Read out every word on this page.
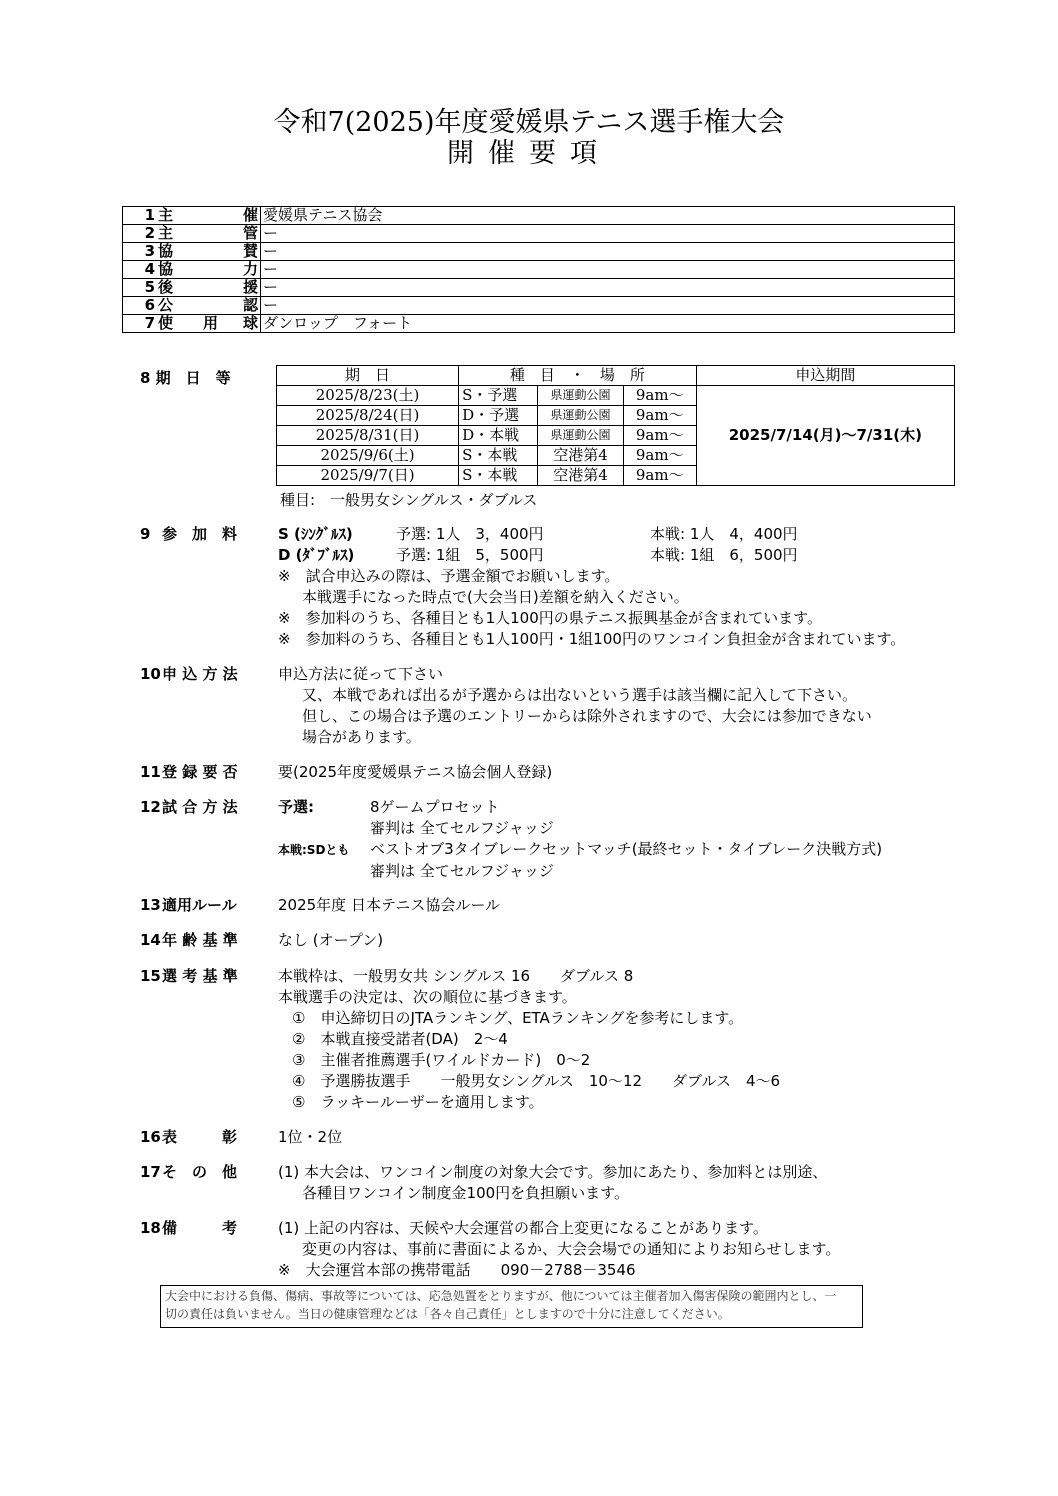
令和7(2025)年度愛媛県テニス選手権大会
開催要項
1	主 催	愛媛県テニス協会
2	主 管	ー
3	協 賛	ー
4	協 力	ー
5	後 援	ー
6	公 認	ー
7	使　　用 球	ダンロップ　フォート
8 期　日　等	期　日	種　目　・　場　所			申込期間
2025/8/23(土)	S・予選	県運動公園	9am～	2025/7/14(月)～7/31(木)
2025/8/24(日)	D・予選	県運動公園	9am～	
2025/8/31(日)	D・本戦	県運動公園	9am～	
2025/9/6(土)	S・本戦	空港第4	9am～	
2025/9/7(日)	S・本戦	空港第4	9am～	
種目:　一般男女シングルス・ダブルス
9 参　加　料	S (ｼﾝｸﾞﾙｽ)	予選: 1人　3，400円	本戦: 1人　4，400円
D (ﾀﾞﾌﾞﾙｽ)	予選: 1組　5，500円	本戦: 1組　6，500円
※　試合申込みの際は、予選金額でお願いします。
本戦選手になった時点で(大会当日)差額を納入ください。
※　参加料のうち、各種目とも1人100円の県テニス振興基金が含まれています。
※　参加料のうち、各種目とも1人100円・1組100円のワンコイン負担金が含まれています。
10申 込 方 法	申込方法に従って下さい
又、本戦であれば出るが予選からは出ないという選手は該当欄に記入して下さい。
但し、この場合は予選のエントリーからは除外されますので、大会には参加できない
場合があります。
11登 録 要 否	要(2025年度愛媛県テニス協会個人登録)
12試 合 方 法	予選:	8ゲームプロセット
審判は 全てセルフジャッジ
本戦:SDとも ベストオブ3タイブレークセットマッチ(最終セット・タイブレーク決戦方式)
審判は 全てセルフジャッジ
13適用ルール	2025年度 日本テニス協会ルール
14年 齢 基 準	なし (オープン)
15選 考 基 準	本戦枠は、一般男女共 シングルス 16　　ダブルス 8
本戦選手の決定は、次の順位に基づきます。
①　申込締切日のJTAランキング、ETAランキングを参考にします。
②　本戦直接受諾者(DA)　2～4
③　主催者推薦選手(ワイルドカード)　0～2
④　予選勝抜選手　　一般男女シングルス　10～12　　ダブルス　4～6
⑤　ラッキールーザーを適用します。
16表　　　彰	1位・2位
17そ　の　他	(1) 本大会は、ワンコイン制度の対象大会です。参加にあたり、参加料とは別途、
各種目ワンコイン制度金100円を負担願います。
18備　　　考	(1) 上記の内容は、天候や大会運営の都合上変更になることがあります。
変更の内容は、事前に書面によるか、大会会場での通知によりお知らせします。
※　大会運営本部の携帯電話　　090－2788－3546
大会中における負傷、傷病、事故等については、応急処置をとりますが、他については主催者加入傷害保険の範囲内とし、一
切の責任は負いません。当日の健康管理などは「各々自己責任」としますので十分に注意してください。
